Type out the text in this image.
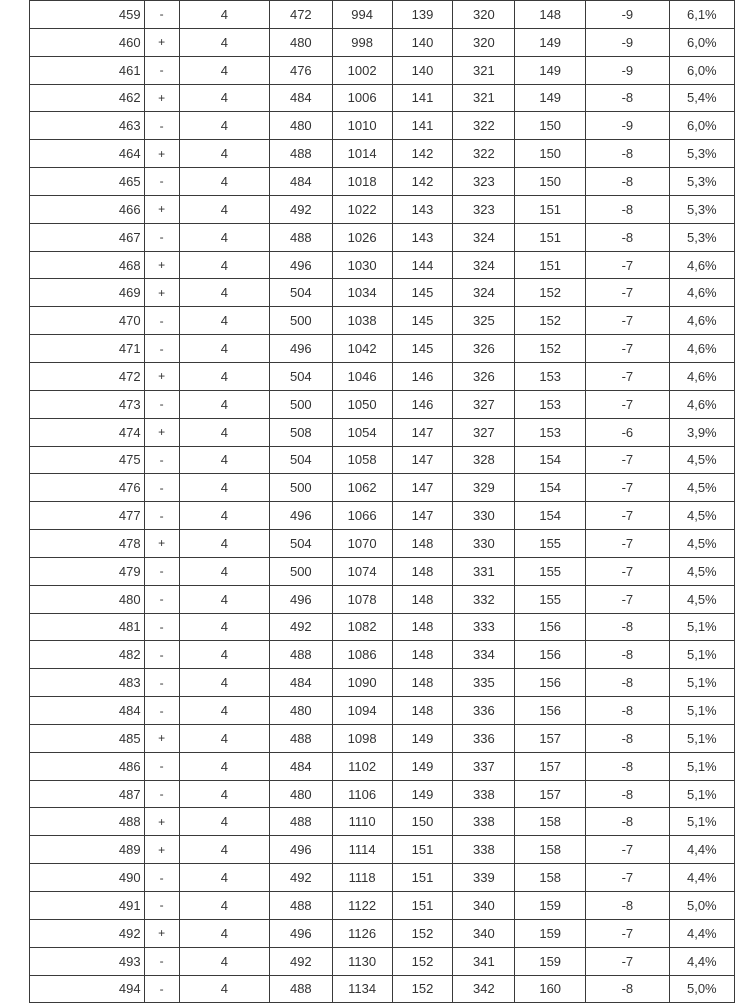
459	-	4	472	994	139	320	148	-9	6,1%
460	+	4	480	998	140	320	149	-9	6,0%
461	-	4	476	1002	140	321	149	-9	6,0%
462	+	4	484	1006	141	321	149	-8	5,4%
463	-	4	480	1010	141	322	150	-9	6,0%
464	+	4	488	1014	142	322	150	-8	5,3%
465	-	4	484	1018	142	323	150	-8	5,3%
466	+	4	492	1022	143	323	151	-8	5,3%
467	-	4	488	1026	143	324	151	-8	5,3%
468	+	4	496	1030	144	324	151	-7	4,6%
469	+	4	504	1034	145	324	152	-7	4,6%
470	-	4	500	1038	145	325	152	-7	4,6%
471	-	4	496	1042	145	326	152	-7	4,6%
472	+	4	504	1046	146	326	153	-7	4,6%
473	-	4	500	1050	146	327	153	-7	4,6%
474	+	4	508	1054	147	327	153	-6	3,9%
475	-	4	504	1058	147	328	154	-7	4,5%
476	-	4	500	1062	147	329	154	-7	4,5%
477	-	4	496	1066	147	330	154	-7	4,5%
478	+	4	504	1070	148	330	155	-7	4,5%
479	-	4	500	1074	148	331	155	-7	4,5%
480	-	4	496	1078	148	332	155	-7	4,5%
481	-	4	492	1082	148	333	156	-8	5,1%
482	-	4	488	1086	148	334	156	-8	5,1%
483	-	4	484	1090	148	335	156	-8	5,1%
484	-	4	480	1094	148	336	156	-8	5,1%
485	+	4	488	1098	149	336	157	-8	5,1%
486	-	4	484	1102	149	337	157	-8	5,1%
487	-	4	480	1106	149	338	157	-8	5,1%
488	+	4	488	1110	150	338	158	-8	5,1%
489	+	4	496	1114	151	338	158	-7	4,4%
490	-	4	492	1118	151	339	158	-7	4,4%
491	-	4	488	1122	151	340	159	-8	5,0%
492	+	4	496	1126	152	340	159	-7	4,4%
493	-	4	492	1130	152	341	159	-7	4,4%
494	-	4	488	1134	152	342	160	-8	5,0%
